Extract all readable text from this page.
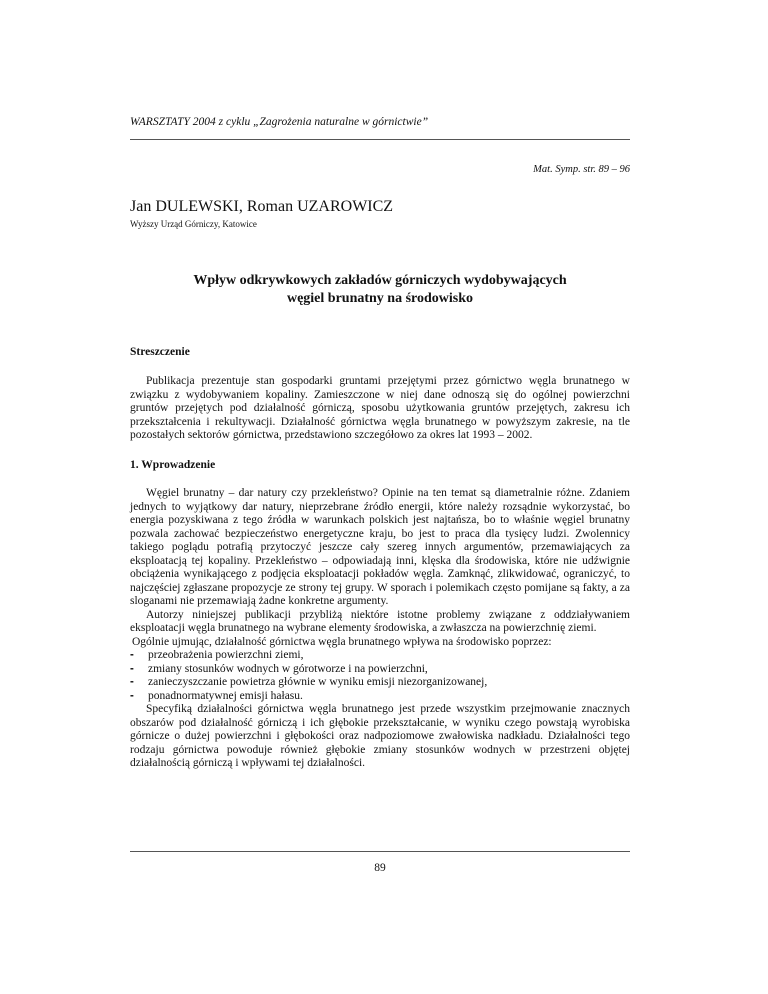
WARSZTATY 2004 z cyklu „Zagrożenia naturalne w górnictwie”
Mat. Symp. str. 89 – 96
Jan DULEWSKI, Roman UZAROWICZ
Wyższy Urząd Górniczy, Katowice
Wpływ odkrywkowych zakładów górniczych wydobywających
węgiel brunatny na środowisko
Streszczenie

Publikacja prezentuje stan gospodarki gruntami przejętymi przez górnictwo węgla brunatnego w związku z wydobywaniem kopaliny. Zamieszczone w niej dane odnoszą się do ogólnej powierzchni gruntów przejętych pod działalność górniczą, sposobu użytkowania gruntów przejętych, zakresu ich przekształcenia i rekultywacji. Działalność górnictwa węgla brunatnego w powyższym zakresie, na tle pozostałych sektorów górnictwa, przedstawiono szczegółowo za okres lat 1993 – 2002.

1. Wprowadzenie

Węgiel brunatny – dar natury czy przekleństwo? Opinie na ten temat są diametralnie różne. Zdaniem jednych to wyjątkowy dar natury, nieprzebrane źródło energii, które należy rozsądnie wykorzystać, bo energia pozyskiwana z tego źródła w warunkach polskich jest najtańsza, bo to właśnie węgiel brunatny pozwala zachować bezpieczeństwo energetyczne kraju, bo jest to praca dla tysięcy ludzi. Zwolennicy takiego poglądu potrafią przytoczyć jeszcze cały szereg innych argumentów, przemawiających za eksploatacją tej kopaliny. Przekleństwo – odpowiadają inni, klęska dla środowiska, które nie udźwignie obciążenia wynikającego z podjęcia eksploatacji pokładów węgla. Zamknąć, zlikwidować, ograniczyć, to najczęściej zgłaszane propozycje ze strony tej grupy. W sporach i polemikach często pomijane są fakty, a za sloganami nie przemawiają żadne konkretne argumenty.

Autorzy niniejszej publikacji przybliżą niektóre istotne problemy związane z oddziaływaniem eksploatacji węgla brunatnego na wybrane elementy środowiska, a zwłaszcza na powierzchnię ziemi.

Ogólnie ujmując, działalność górnictwa węgla brunatnego wpływa na środowisko poprzez:

- przeobrażenia powierzchni ziemi,
- zmiany stosunków wodnych w górotworze i na powierzchni,
- zanieczyszczanie powietrza głównie w wyniku emisji niezorganizowanej,
- ponadnormatywnej emisji hałasu.

Specyfiką działalności górnictwa węgla brunatnego jest przede wszystkim przejmowanie znacznych obszarów pod działalność górniczą i ich głębokie przekształcanie, w wyniku czego powstają wyrobiska górnicze o dużej powierzchni i głębokości oraz nadpoziomowe zwałowiska nadkładu. Działalności tego rodzaju górnictwa powoduje również głębokie zmiany stosunków wodnych w przestrzeni objętej działalnością górniczą i wpływami tej działalności.

89
